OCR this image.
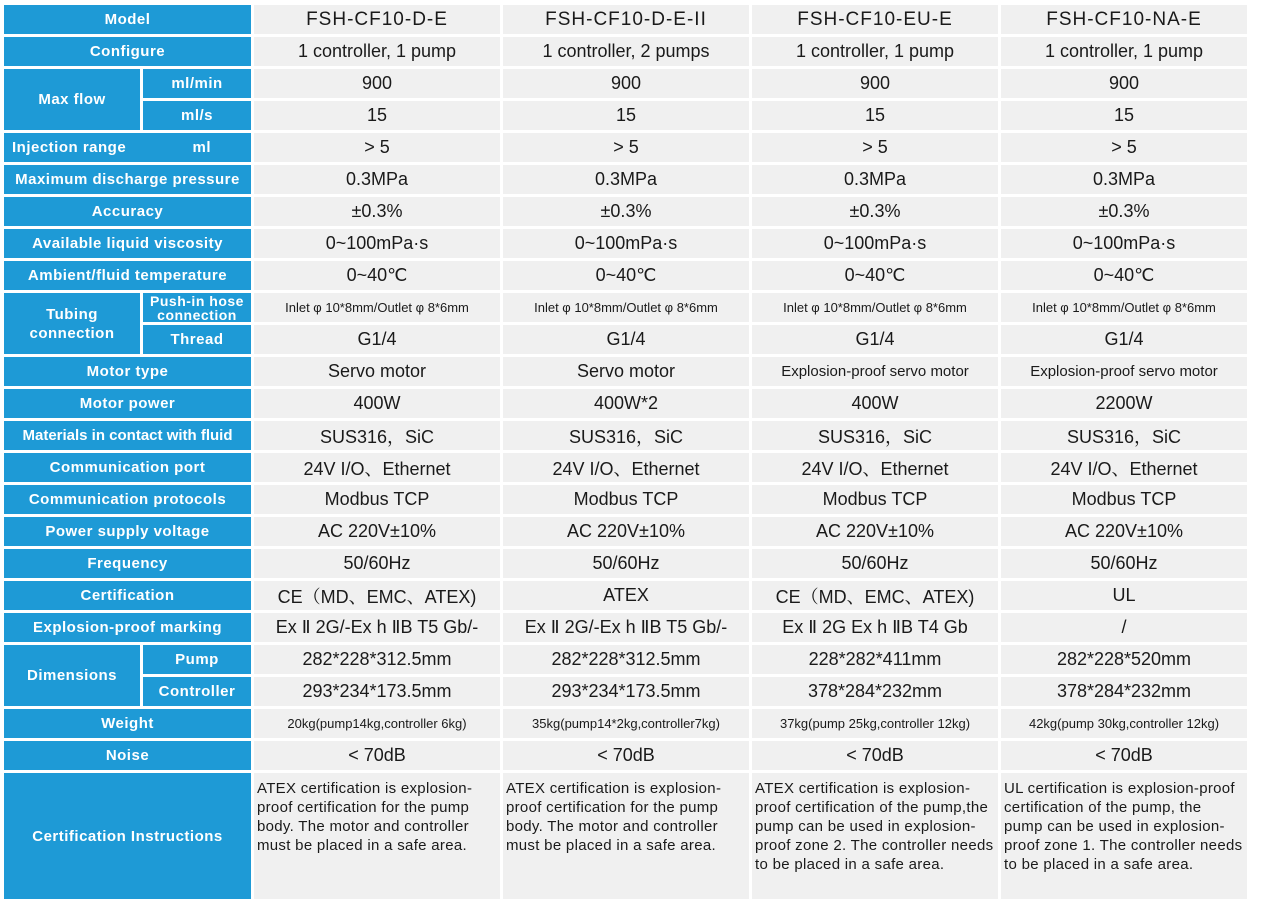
Model		FSH-CF10-D-E	FSH-CF10-D-E-II	FSH-CF10-EU-E	FSH-CF10-NA-E
Configure		1 controller, 1 pump	1 controller, 2 pumps	1 controller, 1 pump	1 controller, 1 pump
Max flow	ml/min	900	900	900	900
	ml/s	15	15	15	15

Injection range ml		> 5	> 5	> 5	> 5
Maximum discharge pressure		0.3MPa	0.3MPa	0.3MPa	0.3MPa
Accuracy		±0.3%	±0.3%	±0.3%	±0.3%
Available liquid viscosity		0~100mPa·s	0~100mPa·s	0~100mPa·s	0~100mPa·s
Ambient/fluid temperature		0~40℃	0~40℃	0~40℃	0~40℃
Tubing connection	Push-in hose connection	Inlet φ 10*8mm/Outlet φ 8*6mm	Inlet φ 10*8mm/Outlet φ 8*6mm	Inlet φ 10*8mm/Outlet φ 8*6mm	Inlet φ 10*8mm/Outlet φ 8*6mm
	Thread	G1/4	G1/4	G1/4	G1/4
Motor type		Servo motor	Servo motor	Explosion-proof servo motor	Explosion-proof servo motor
Motor power		400W	400W*2	400W	2200W
Materials in contact with fluid		SUS316，SiC	SUS316，SiC	SUS316，SiC	SUS316，SiC
Communication port		24V I/O、Ethernet	24V I/O、Ethernet	24V I/O、Ethernet	24V I/O、Ethernet
Communication protocols		Modbus TCP	Modbus TCP	Modbus TCP	Modbus TCP
Power supply voltage		AC 220V±10%	AC 220V±10%	AC 220V±10%	AC 220V±10%
Frequency		50/60Hz	50/60Hz	50/60Hz	50/60Hz
Certification		CE（MD、EMC、ATEX)	ATEX	CE（MD、EMC、ATEX)	UL
Explosion-proof marking		Ex Ⅱ 2G/-Ex h ⅡB T5 Gb/-	Ex Ⅱ 2G/-Ex h ⅡB T5 Gb/-	Ex Ⅱ 2G Ex h ⅡB T4 Gb	/
Dimensions	Pump	282*228*312.5mm	282*228*312.5mm	228*282*411mm	282*228*520mm
	Controller	293*234*173.5mm	293*234*173.5mm	378*284*232mm	378*284*232mm
Weight		20kg(pump14kg,controller 6kg)	35kg(pump14*2kg,controller7kg)	37kg(pump 25kg,controller 12kg)	42kg(pump 30kg,controller 12kg)
Noise		< 70dB	< 70dB	< 70dB	< 70dB
Certification Instructions		ATEX certification is explosion-proof certification for the pump body. The motor and controller must be placed in a safe area.	ATEX certification is explosion-proof certification for the pump body. The motor and controller must be placed in a safe area.	ATEX certification is explosion-proof certification of the pump,the pump can be used in explosion-proof zone 2. The controller needs to be placed in a safe area.	UL certification is explosion-proof certification of the pump, the pump can be used in explosion-proof zone 1. The controller needs to be placed in a safe area.
